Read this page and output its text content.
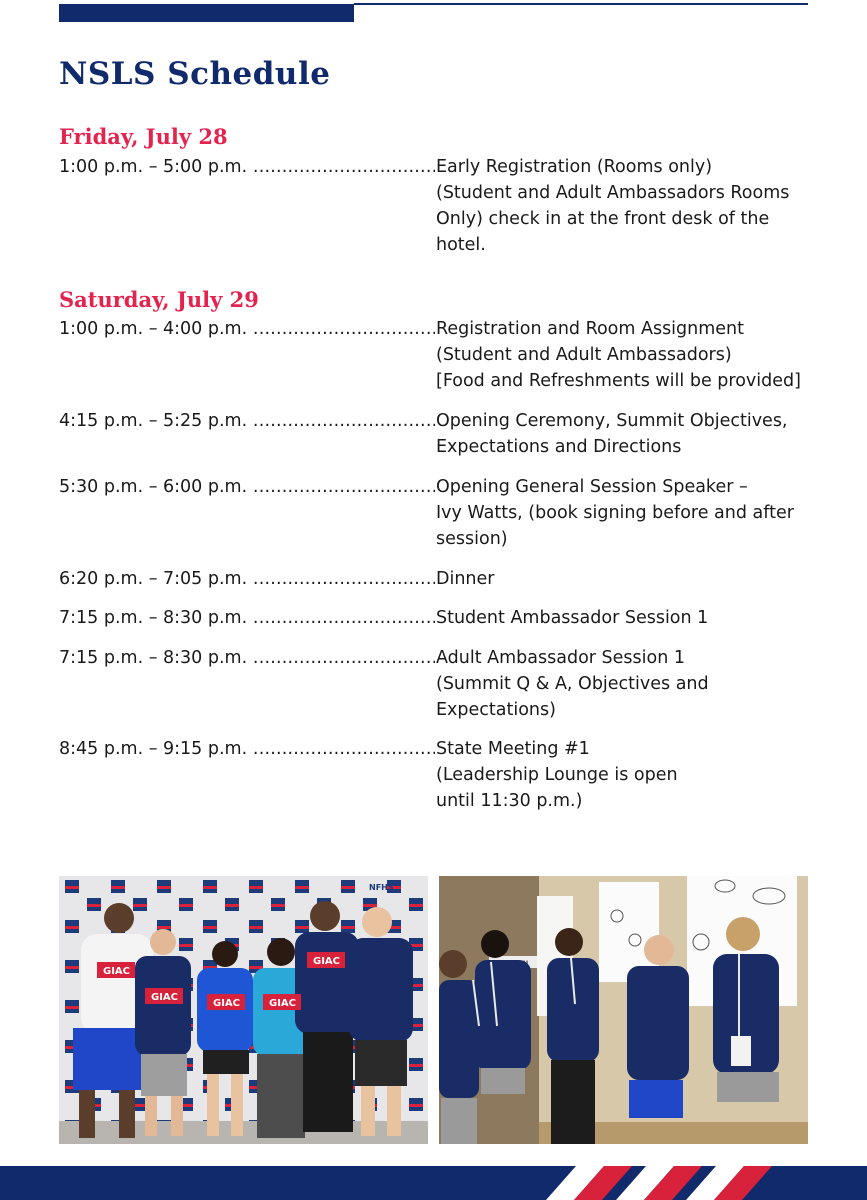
NSLS Schedule
Friday, July 28
1:00 p.m. – 5:00 p.m. .....	Early Registration (Rooms only)
(Student and Adult Ambassadors Rooms
Only) check in at the front desk of the
hotel.
Saturday, July 29
1:00 p.m. – 4:00 p.m. .....	Registration and Room Assignment
(Student and Adult Ambassadors)
[Food and Refreshments will be provided]
4:15 p.m. – 5:25 p.m. .....	Opening Ceremony, Summit Objectives,
Expectations and Directions
5:30 p.m. – 6:00 p.m. .....	Opening General Session Speaker –
Ivy Watts, (book signing before and after
session)
6:20 p.m. – 7:05 p.m. .....	Dinner
7:15 p.m. – 8:30 p.m. .....	Student Ambassador Session 1
7:15 p.m. – 8:30 p.m. .....	Adult Ambassador Session 1
(Summit Q & A, Objectives and
Expectations)
8:45 p.m. – 9:15 p.m. .....	State Meeting #1
(Leadership Lounge is open
until 11:30 p.m.)
GIAC
GIAC
GIAC	GIAC
GIAC
NFHS
